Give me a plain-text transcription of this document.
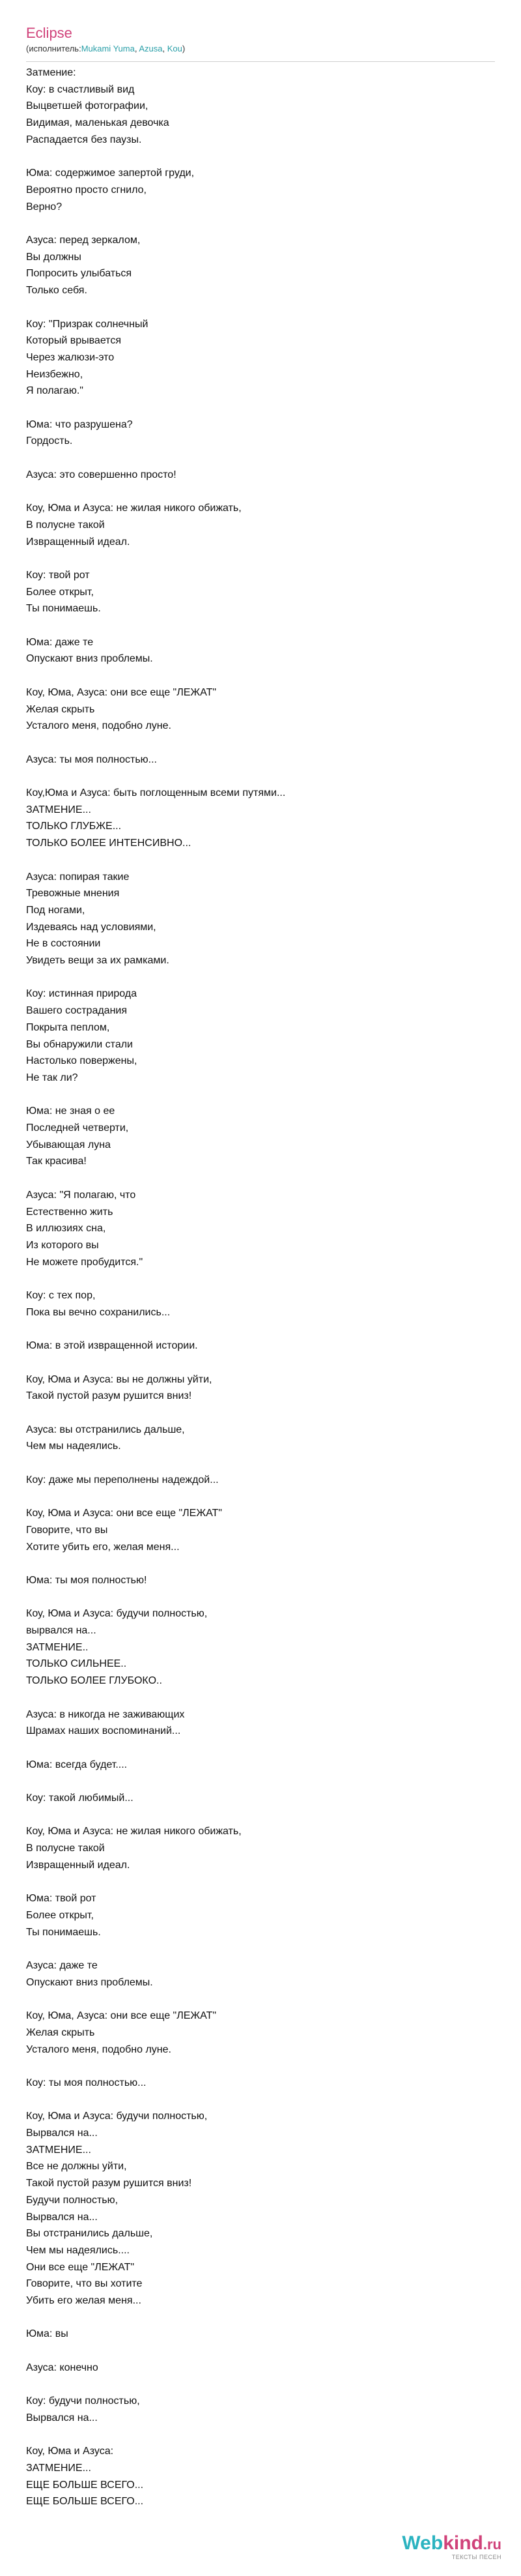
Eclipse
(исполнитель:Mukami Yuma, Azusa, Kou)
Затмение:
Коу: в счастливый вид
Выцветшей фотографии,
Видимая, маленькая девочка
Распадается без паузы.
Юма: содержимое запертой груди,
Вероятно просто сгнило,
Верно?
Азуса: перед зеркалом,
Вы должны
Попросить улыбаться
Только себя.
Коу: "Призрак солнечный
Который врывается
Через жалюзи-это
Неизбежно,
Я полагаю."
Юма: что разрушена?
Гордость.
Азуса: это совершенно просто!
Коу, Юма и Азуса: не жилая никого обижать,
В полусне такой
Извращенный идеал.
Коу: твой рот
Более открыт,
Ты понимаешь.
Юма: даже те
Опускают вниз проблемы.
Коу, Юма, Азуса: они все еще "ЛЕЖАТ"
Желая скрыть
Усталого меня, подобно луне.
Азуса: ты моя полностью...
Коу,Юма и Азуса: быть поглощенным всеми путями...
ЗАТМЕНИЕ...
ТОЛЬКО ГЛУБЖЕ...
ТОЛЬКО БОЛЕЕ ИНТЕНСИВНО...
Азуса: попирая такие
Тревожные мнения
Под ногами,
Издеваясь над условиями,
Не в состоянии
Увидеть вещи за их рамками.
Коу: истинная природа
Вашего сострадания
Покрыта пеплом,
Вы обнаружили стали
Настолько повержены,
Не так ли?
Юма: не зная о ее
Последней четверти,
Убывающая луна
Так красива!
Азуса: "Я полагаю, что
Естественно жить
В иллюзиях сна,
Из которого вы
Не можете пробудится."
Коу: с тех пор,
Пока вы вечно сохранились...
Юма: в этой извращенной истории.
Коу, Юма и Азуса: вы не должны уйти,
Такой пустой разум рушится вниз!
Азуса: вы отстранились дальше,
Чем мы надеялись.
Коу: даже мы переполнены надеждой...
Коу, Юма и Азуса: они все еще "ЛЕЖАТ"
Говорите, что вы
Хотите убить его, желая меня...
Юма: ты моя полностью!
Коу, Юма и Азуса: будучи полностью,
вырвался на...
ЗАТМЕНИЕ..
ТОЛЬКО СИЛЬНЕЕ..
ТОЛЬКО БОЛЕЕ ГЛУБОКО..
Азуса: в никогда не заживающих
Шрамах наших воспоминаний...
Юма: всегда будет....
Коу: такой любимый...
Коу, Юма и Азуса: не жилая никого обижать,
В полусне такой
Извращенный идеал.
Юма: твой рот
Более открыт,
Ты понимаешь.
Азуса: даже те
Опускают вниз проблемы.
Коу, Юма, Азуса: они все еще "ЛЕЖАТ"
Желая скрыть
Усталого меня, подобно луне.
Коу: ты моя полностью...
Коу, Юма и Азуса: будучи полностью,
Вырвался на...
ЗАТМЕНИЕ...
Все не должны уйти,
Такой пустой разум рушится вниз!
Будучи полностью,
Вырвался на...
Вы отстранились дальше,
Чем мы надеялись....
Они все еще "ЛЕЖАТ"
Говорите, что вы хотите
Убить его желая меня...
Юма: вы
Азуса: конечно
Коу: будучи полностью,
Вырвался на...
Коу, Юма и Азуса:
ЗАТМЕНИЕ...
ЕЩЕ БОЛЬШЕ ВСЕГО...
ЕЩЕ БОЛЬШЕ ВСЕГО...
Webkind.ru
ТЕКСТЫ ПЕСЕН
